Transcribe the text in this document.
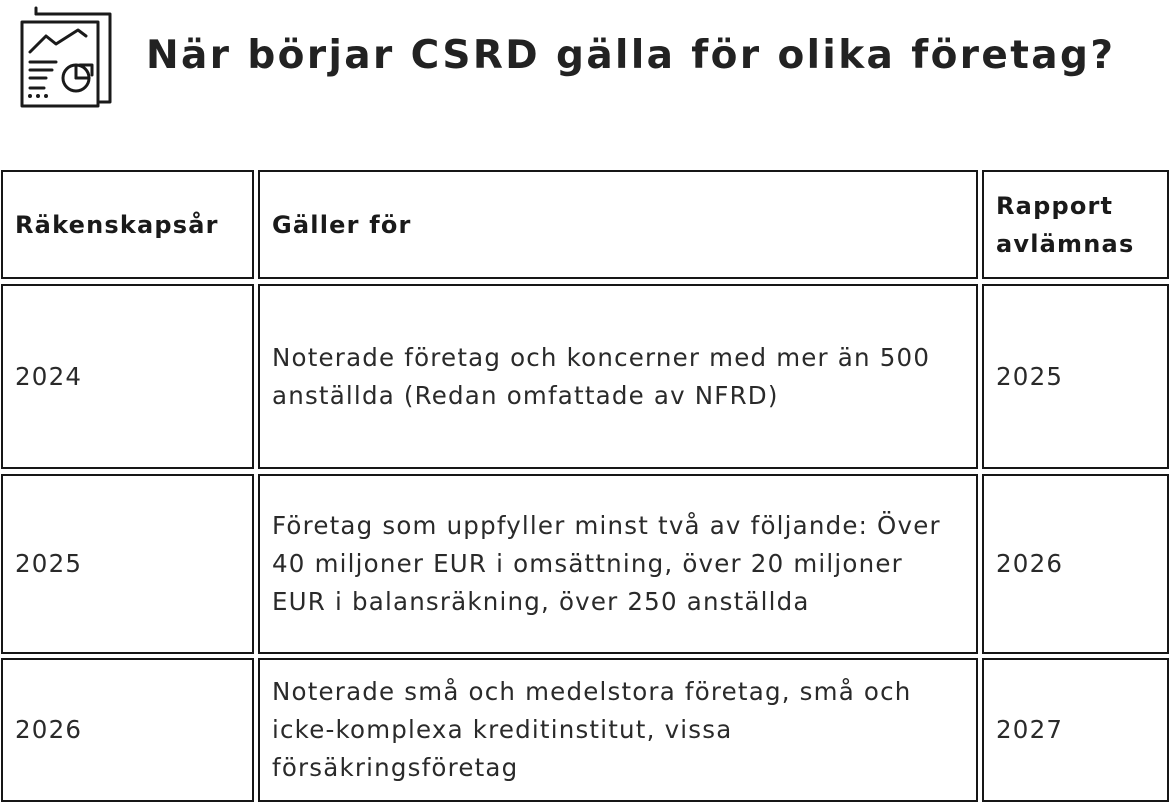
När börjar CSRD gälla för olika företag?
Räkenskapsår	Gäller för
Rapport avlämnas
2024
Noterade företag och koncerner med mer än 500 anställda (Redan omfattade av NFRD)
2025
2025
Företag som uppfyller minst två av följande: Över 40 miljoner EUR i omsättning, över 20 miljoner EUR i balansräkning, över 250 anställda
2026
2026
Noterade små och medelstora företag, små och icke-komplexa kreditinstitut, vissa försäkringsföretag
2027
